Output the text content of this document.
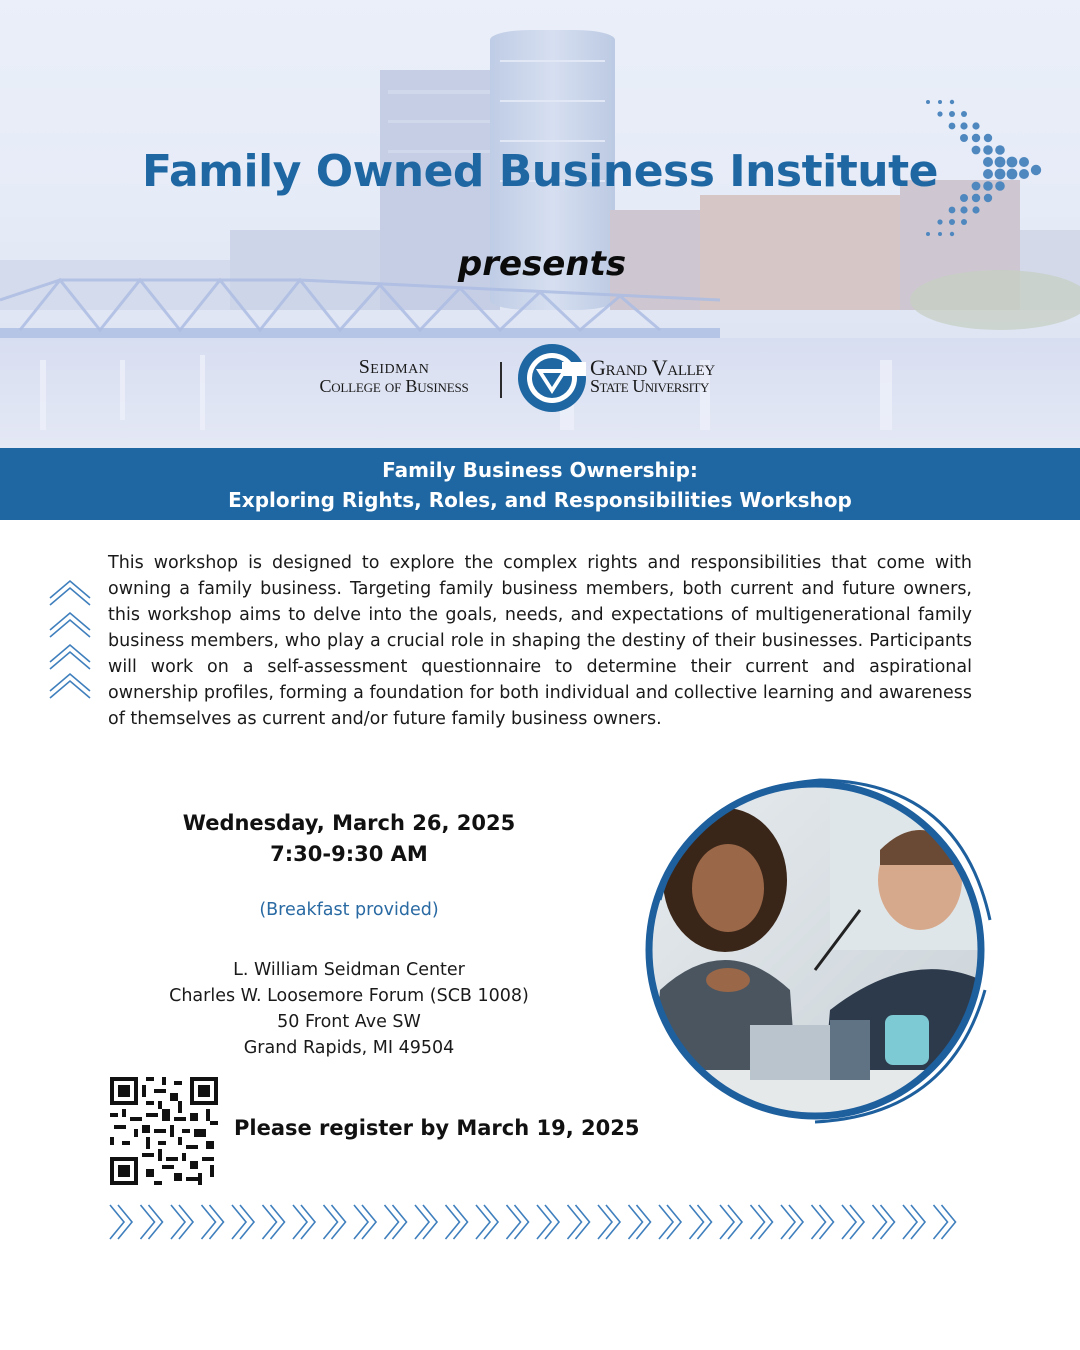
Family Owned Business Institute
presents
Seidman
College of Business
Grand Valley
State University
Family Business Ownership:
Exploring Rights, Roles, and Responsibilities Workshop
This workshop is designed to explore the complex rights and responsibilities that come with owning a family business. Targeting family business members, both current and future owners, this workshop aims to delve into the goals, needs, and expectations of multigenerational family business members, who play a crucial role in shaping the destiny of their businesses. Participants will work on a self-assessment questionnaire to determine their current and aspirational ownership profiles, forming a foundation for both individual and collective learning and awareness of themselves as current and/or future family business owners.
Wednesday, March 26, 2025
7:30-9:30 AM
(Breakfast provided)
L. William Seidman Center
Charles W. Loosemore Forum (SCB 1008)
50 Front Ave SW
Grand Rapids, MI 49504
Please register by March 19, 2025
